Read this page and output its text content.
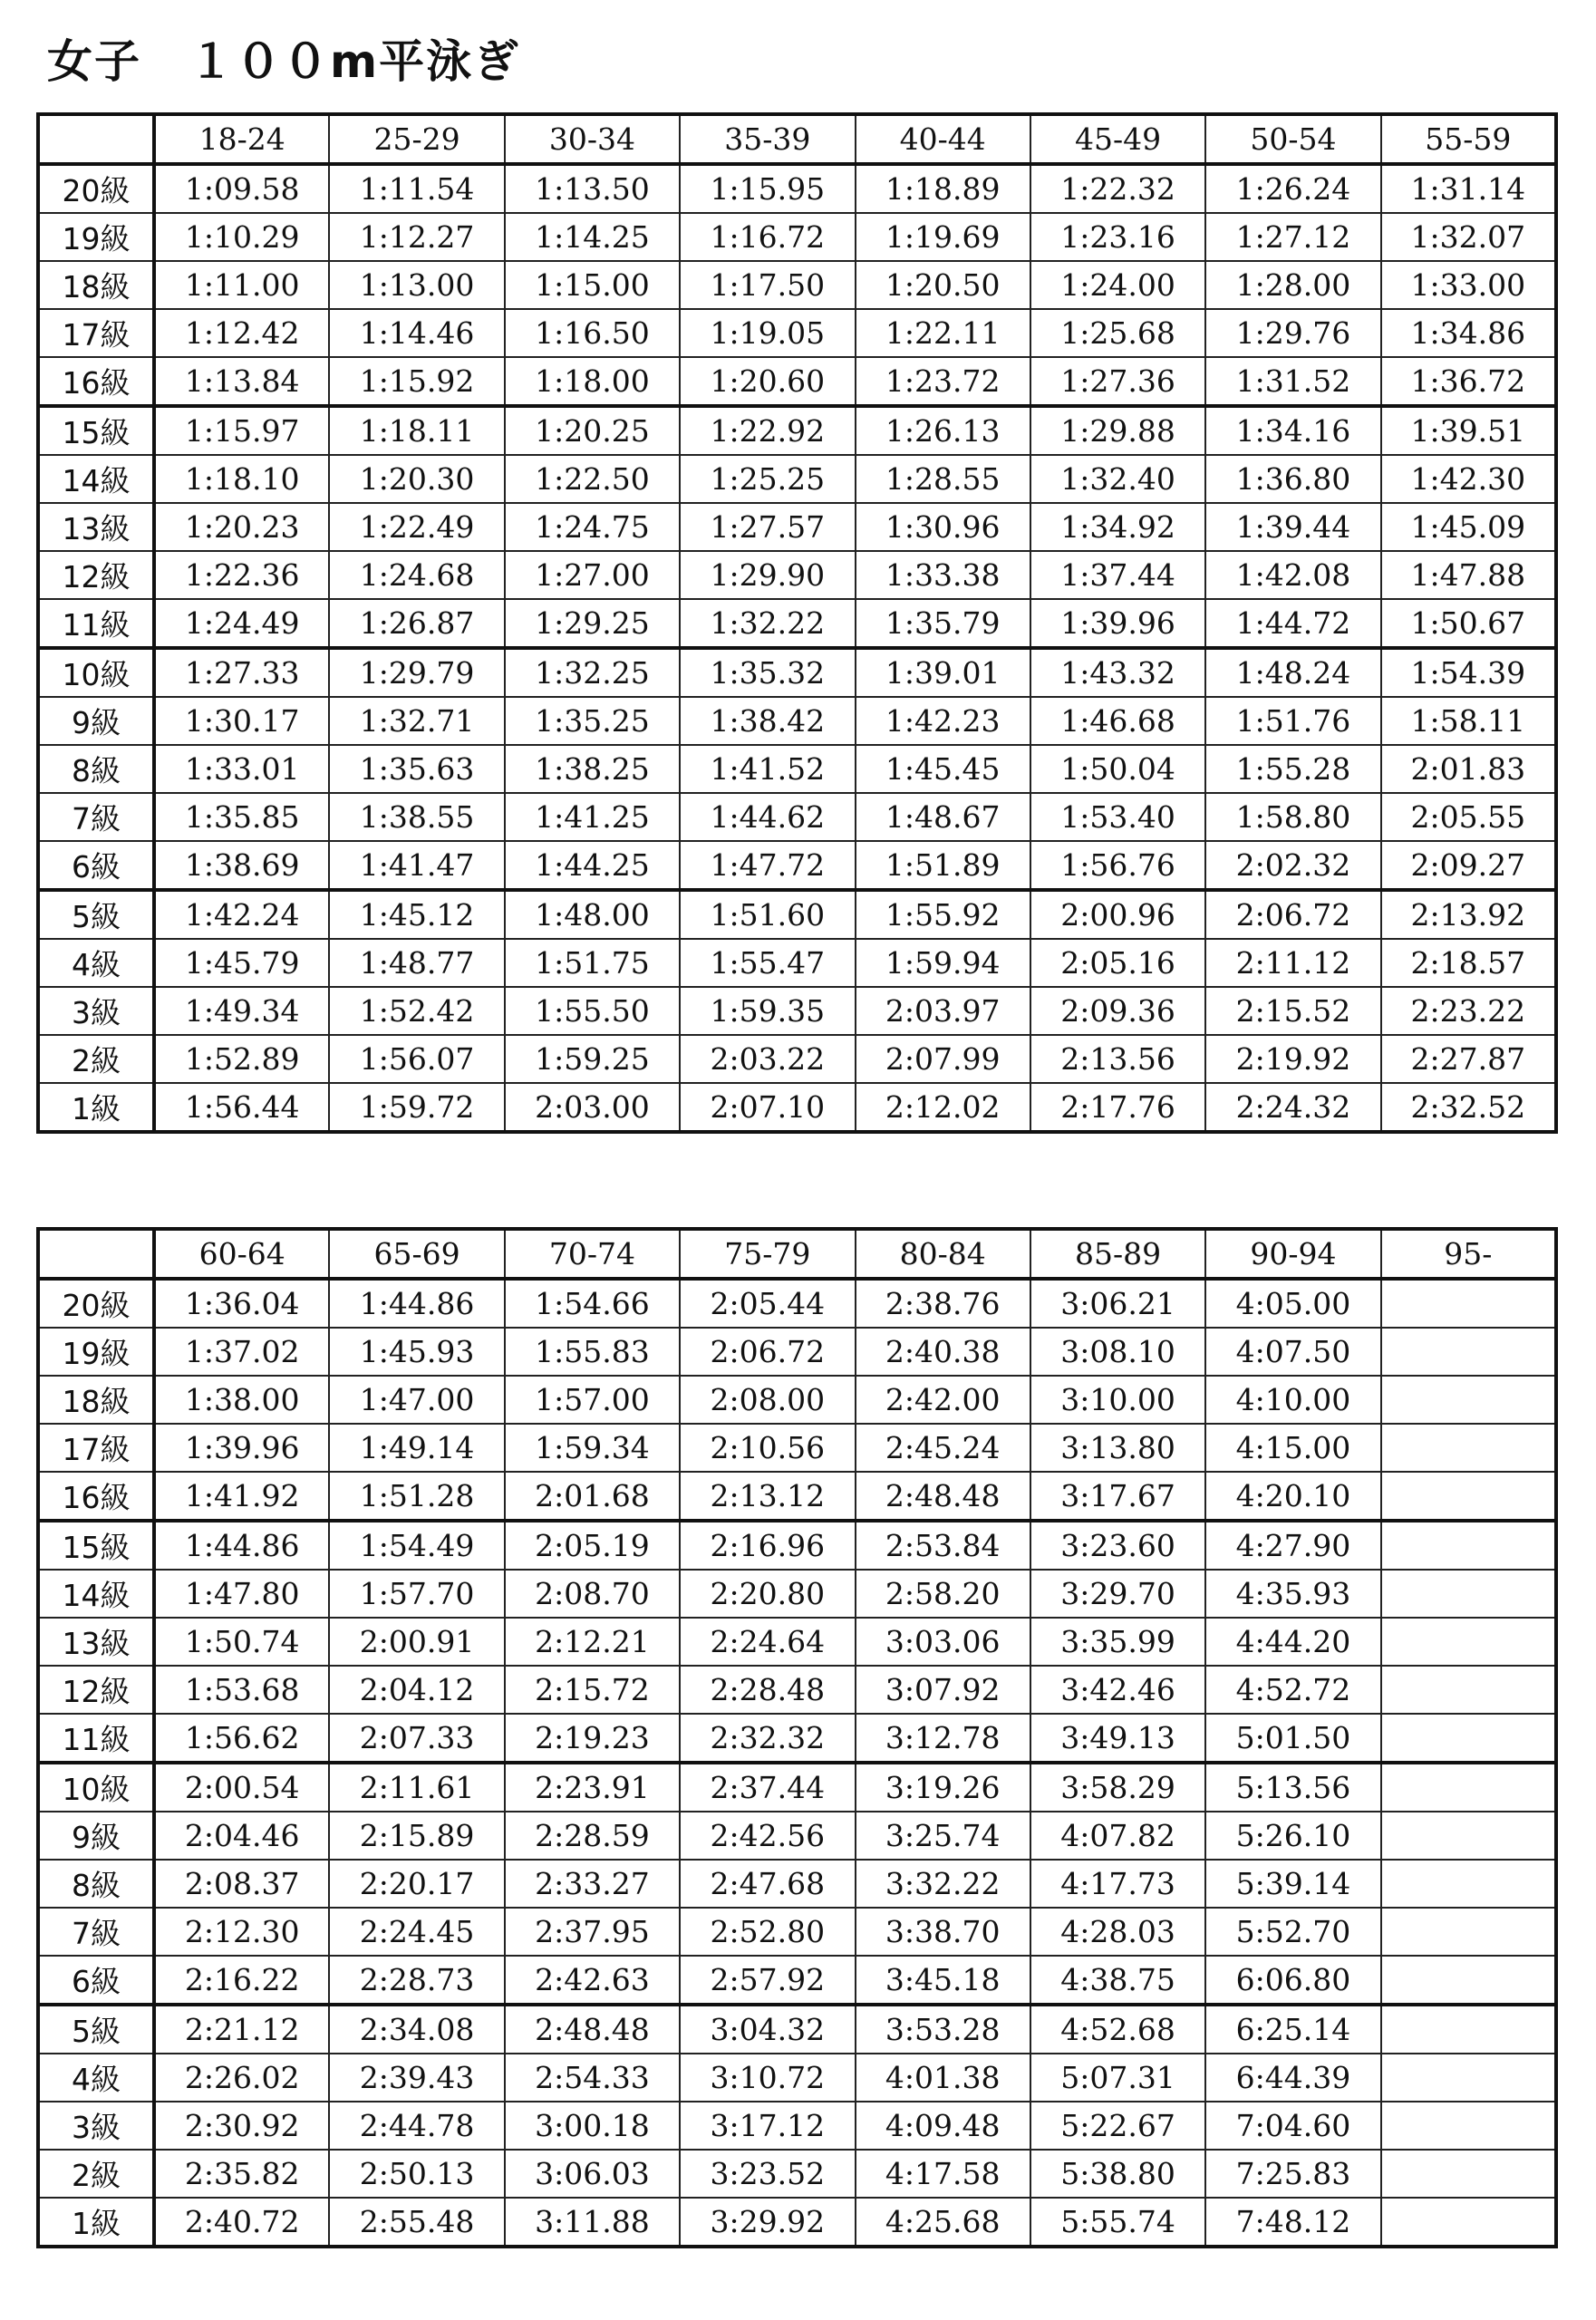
女子　１００m平泳ぎ
	18-24	25-29	30-34	35-39	40-44	45-49	50-54	55-59
20級	1:09.58	1:11.54	1:13.50	1:15.95	1:18.89	1:22.32	1:26.24	1:31.14
19級	1:10.29	1:12.27	1:14.25	1:16.72	1:19.69	1:23.16	1:27.12	1:32.07
18級	1:11.00	1:13.00	1:15.00	1:17.50	1:20.50	1:24.00	1:28.00	1:33.00
17級	1:12.42	1:14.46	1:16.50	1:19.05	1:22.11	1:25.68	1:29.76	1:34.86
16級	1:13.84	1:15.92	1:18.00	1:20.60	1:23.72	1:27.36	1:31.52	1:36.72
15級	1:15.97	1:18.11	1:20.25	1:22.92	1:26.13	1:29.88	1:34.16	1:39.51
14級	1:18.10	1:20.30	1:22.50	1:25.25	1:28.55	1:32.40	1:36.80	1:42.30
13級	1:20.23	1:22.49	1:24.75	1:27.57	1:30.96	1:34.92	1:39.44	1:45.09
12級	1:22.36	1:24.68	1:27.00	1:29.90	1:33.38	1:37.44	1:42.08	1:47.88
11級	1:24.49	1:26.87	1:29.25	1:32.22	1:35.79	1:39.96	1:44.72	1:50.67
10級	1:27.33	1:29.79	1:32.25	1:35.32	1:39.01	1:43.32	1:48.24	1:54.39
9級	1:30.17	1:32.71	1:35.25	1:38.42	1:42.23	1:46.68	1:51.76	1:58.11
8級	1:33.01	1:35.63	1:38.25	1:41.52	1:45.45	1:50.04	1:55.28	2:01.83
7級	1:35.85	1:38.55	1:41.25	1:44.62	1:48.67	1:53.40	1:58.80	2:05.55
6級	1:38.69	1:41.47	1:44.25	1:47.72	1:51.89	1:56.76	2:02.32	2:09.27
5級	1:42.24	1:45.12	1:48.00	1:51.60	1:55.92	2:00.96	2:06.72	2:13.92
4級	1:45.79	1:48.77	1:51.75	1:55.47	1:59.94	2:05.16	2:11.12	2:18.57
3級	1:49.34	1:52.42	1:55.50	1:59.35	2:03.97	2:09.36	2:15.52	2:23.22
2級	1:52.89	1:56.07	1:59.25	2:03.22	2:07.99	2:13.56	2:19.92	2:27.87
1級	1:56.44	1:59.72	2:03.00	2:07.10	2:12.02	2:17.76	2:24.32	2:32.52
	60-64	65-69	70-74	75-79	80-84	85-89	90-94	95-
20級	1:36.04	1:44.86	1:54.66	2:05.44	2:38.76	3:06.21	4:05.00	
19級	1:37.02	1:45.93	1:55.83	2:06.72	2:40.38	3:08.10	4:07.50	
18級	1:38.00	1:47.00	1:57.00	2:08.00	2:42.00	3:10.00	4:10.00	
17級	1:39.96	1:49.14	1:59.34	2:10.56	2:45.24	3:13.80	4:15.00	
16級	1:41.92	1:51.28	2:01.68	2:13.12	2:48.48	3:17.67	4:20.10	
15級	1:44.86	1:54.49	2:05.19	2:16.96	2:53.84	3:23.60	4:27.90	
14級	1:47.80	1:57.70	2:08.70	2:20.80	2:58.20	3:29.70	4:35.93	
13級	1:50.74	2:00.91	2:12.21	2:24.64	3:03.06	3:35.99	4:44.20	
12級	1:53.68	2:04.12	2:15.72	2:28.48	3:07.92	3:42.46	4:52.72	
11級	1:56.62	2:07.33	2:19.23	2:32.32	3:12.78	3:49.13	5:01.50	
10級	2:00.54	2:11.61	2:23.91	2:37.44	3:19.26	3:58.29	5:13.56	
9級	2:04.46	2:15.89	2:28.59	2:42.56	3:25.74	4:07.82	5:26.10	
8級	2:08.37	2:20.17	2:33.27	2:47.68	3:32.22	4:17.73	5:39.14	
7級	2:12.30	2:24.45	2:37.95	2:52.80	3:38.70	4:28.03	5:52.70	
6級	2:16.22	2:28.73	2:42.63	2:57.92	3:45.18	4:38.75	6:06.80	
5級	2:21.12	2:34.08	2:48.48	3:04.32	3:53.28	4:52.68	6:25.14	
4級	2:26.02	2:39.43	2:54.33	3:10.72	4:01.38	5:07.31	6:44.39	
3級	2:30.92	2:44.78	3:00.18	3:17.12	4:09.48	5:22.67	7:04.60	
2級	2:35.82	2:50.13	3:06.03	3:23.52	4:17.58	5:38.80	7:25.83	
1級	2:40.72	2:55.48	3:11.88	3:29.92	4:25.68	5:55.74	7:48.12	
